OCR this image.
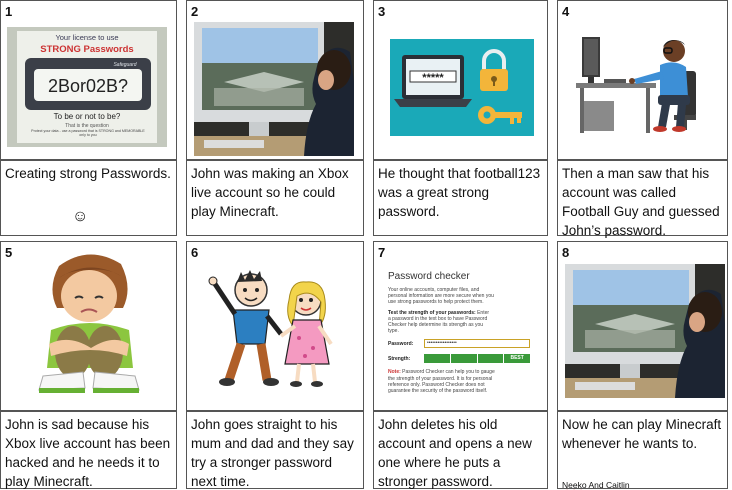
1
Your license to use
STRONG Passwords
Safeguard
2Bor02B?
To be or not to be?
That is the question
Protect your data - use a password that is STRONG and MEMORABLE only to you
2	3
*****
4
Creating strong Passwords.
☺
John was making an Xbox live account so he could play Minecraft.
He thought that football123 was a great strong password.
Then a man saw that his account was called Football Guy and guessed John’s password.
5	6	7
Password checker
Your online accounts, computer files, and
personal information are more secure when you
use strong passwords to help protect them.
Test the strength of your passwords: Enter
a password in the text box to have Password
Checker help determine its strength as you
type.
Password:	•••••••••••••••••
Strength:	BEST
Note: Password Checker can help you to gauge
the strength of your password. It is for personal
reference only. Password Checker does not
guarantee the security of the password itself.
8
John is sad because his Xbox live account has been hacked and he needs it to play Minecraft.
John goes straight to his mum and dad and they say try a stronger password next time.
John deletes his old account and opens a new one where he puts a stronger password.
Now he can play Minecraft whenever he wants to.
Neeko And Caitlin
